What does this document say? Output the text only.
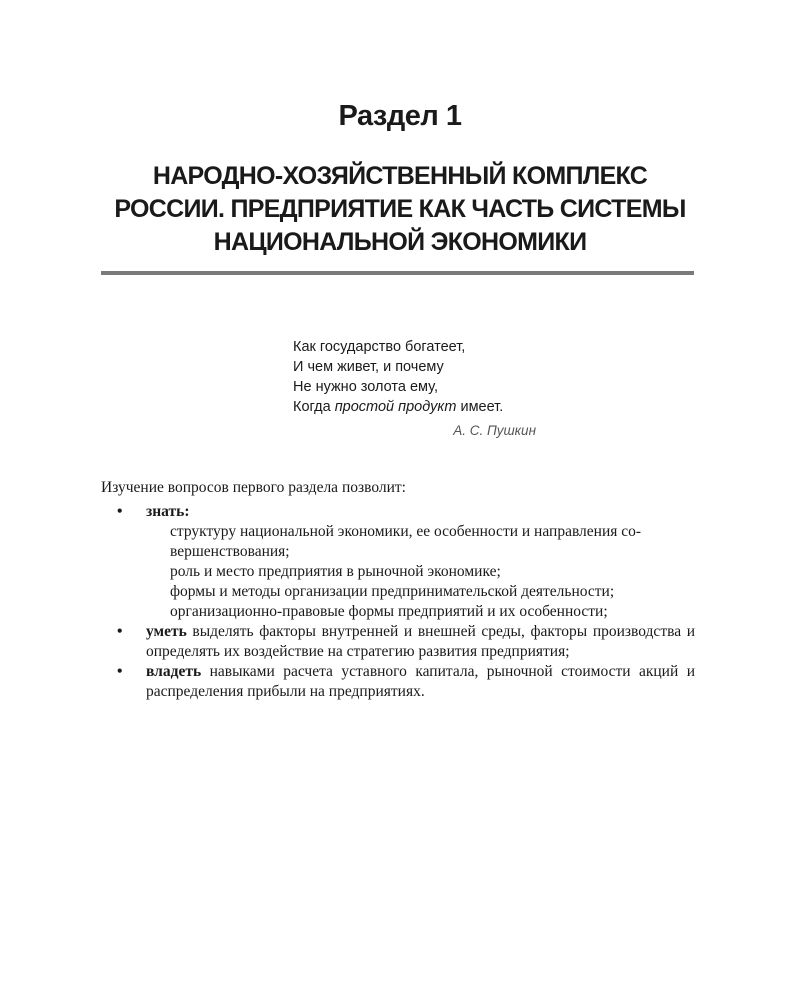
Раздел 1
НАРОДНО-ХОЗЯЙСТВЕННЫЙ КОМПЛЕКС
РОССИИ. ПРЕДПРИЯТИЕ КАК ЧАСТЬ СИСТЕМЫ
НАЦИОНАЛЬНОЙ ЭКОНОМИКИ
Как государство богатеет,
И чем живет, и почему
Не нужно золота ему,
Когда простой продукт имеет.
А. С. Пушкин

Изучение вопросов первого раздела позволит:

• знать:

структуру национальной экономики, ее особенности и направления со-

вершенствования;

роль и место предприятия в рыночной экономике;

формы и методы организации предпринимательской деятельности;

организационно-правовые формы предприятий и их особенности;

• уметь выделять факторы внутренней и внешней среды, факторы производства и определять их воздействие на стратегию развития предприятия;
• владеть навыками расчета уставного капитала, рыночной стоимости акций и распределения прибыли на предприятиях.
